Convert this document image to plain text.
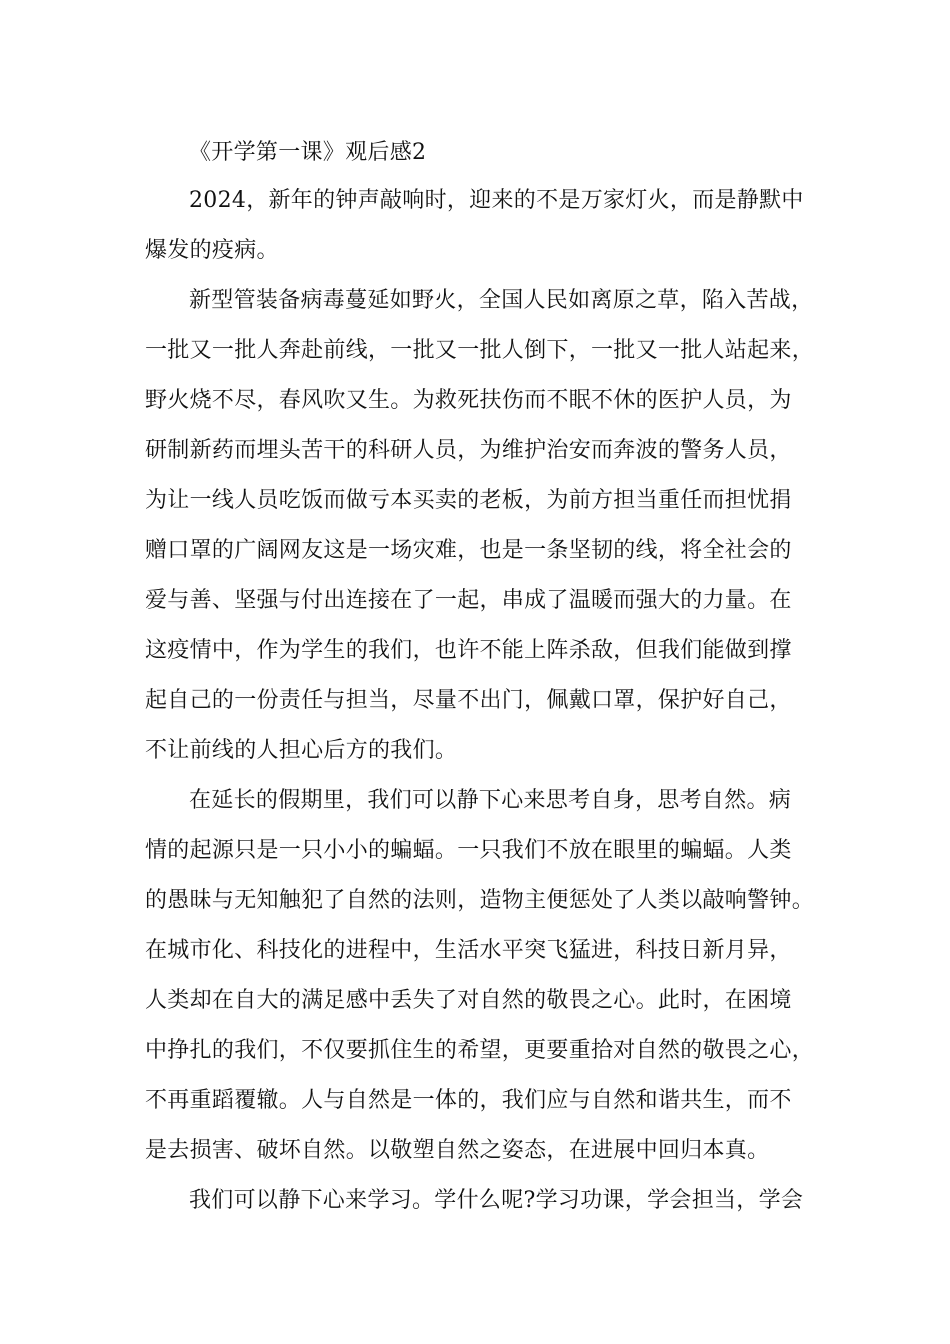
《开学第一课》观后感2
2024，新年的钟声敲响时，迎来的不是万家灯火，而是静默中
爆发的疫病。
新型管装备病毒蔓延如野火，全国人民如离原之草，陷入苦战，
一批又一批人奔赴前线，一批又一批人倒下，一批又一批人站起来，
野火烧不尽，春风吹又生。为救死扶伤而不眠不休的医护人员，为
研制新药而埋头苦干的科研人员，为维护治安而奔波的警务人员，
为让一线人员吃饭而做亏本买卖的老板，为前方担当重任而担忧捐
赠口罩的广阔网友这是一场灾难，也是一条坚韧的线，将全社会的
爱与善、坚强与付出连接在了一起，串成了温暖而强大的力量。在
这疫情中，作为学生的我们，也许不能上阵杀敌，但我们能做到撑
起自己的一份责任与担当，尽量不出门，佩戴口罩，保护好自己，
不让前线的人担心后方的我们。
在延长的假期里，我们可以静下心来思考自身，思考自然。病
情的起源只是一只小小的蝙蝠。一只我们不放在眼里的蝙蝠。人类
的愚昧与无知触犯了自然的法则，造物主便惩处了人类以敲响警钟。
在城市化、科技化的进程中，生活水平突飞猛进，科技日新月异，
人类却在自大的满足感中丢失了对自然的敬畏之心。此时，在困境
中挣扎的我们，不仅要抓住生的希望，更要重拾对自然的敬畏之心，
不再重蹈覆辙。人与自然是一体的，我们应与自然和谐共生，而不
是去损害、破坏自然。以敬塑自然之姿态，在进展中回归本真。
我们可以静下心来学习。学什么呢?学习功课，学会担当，学会
